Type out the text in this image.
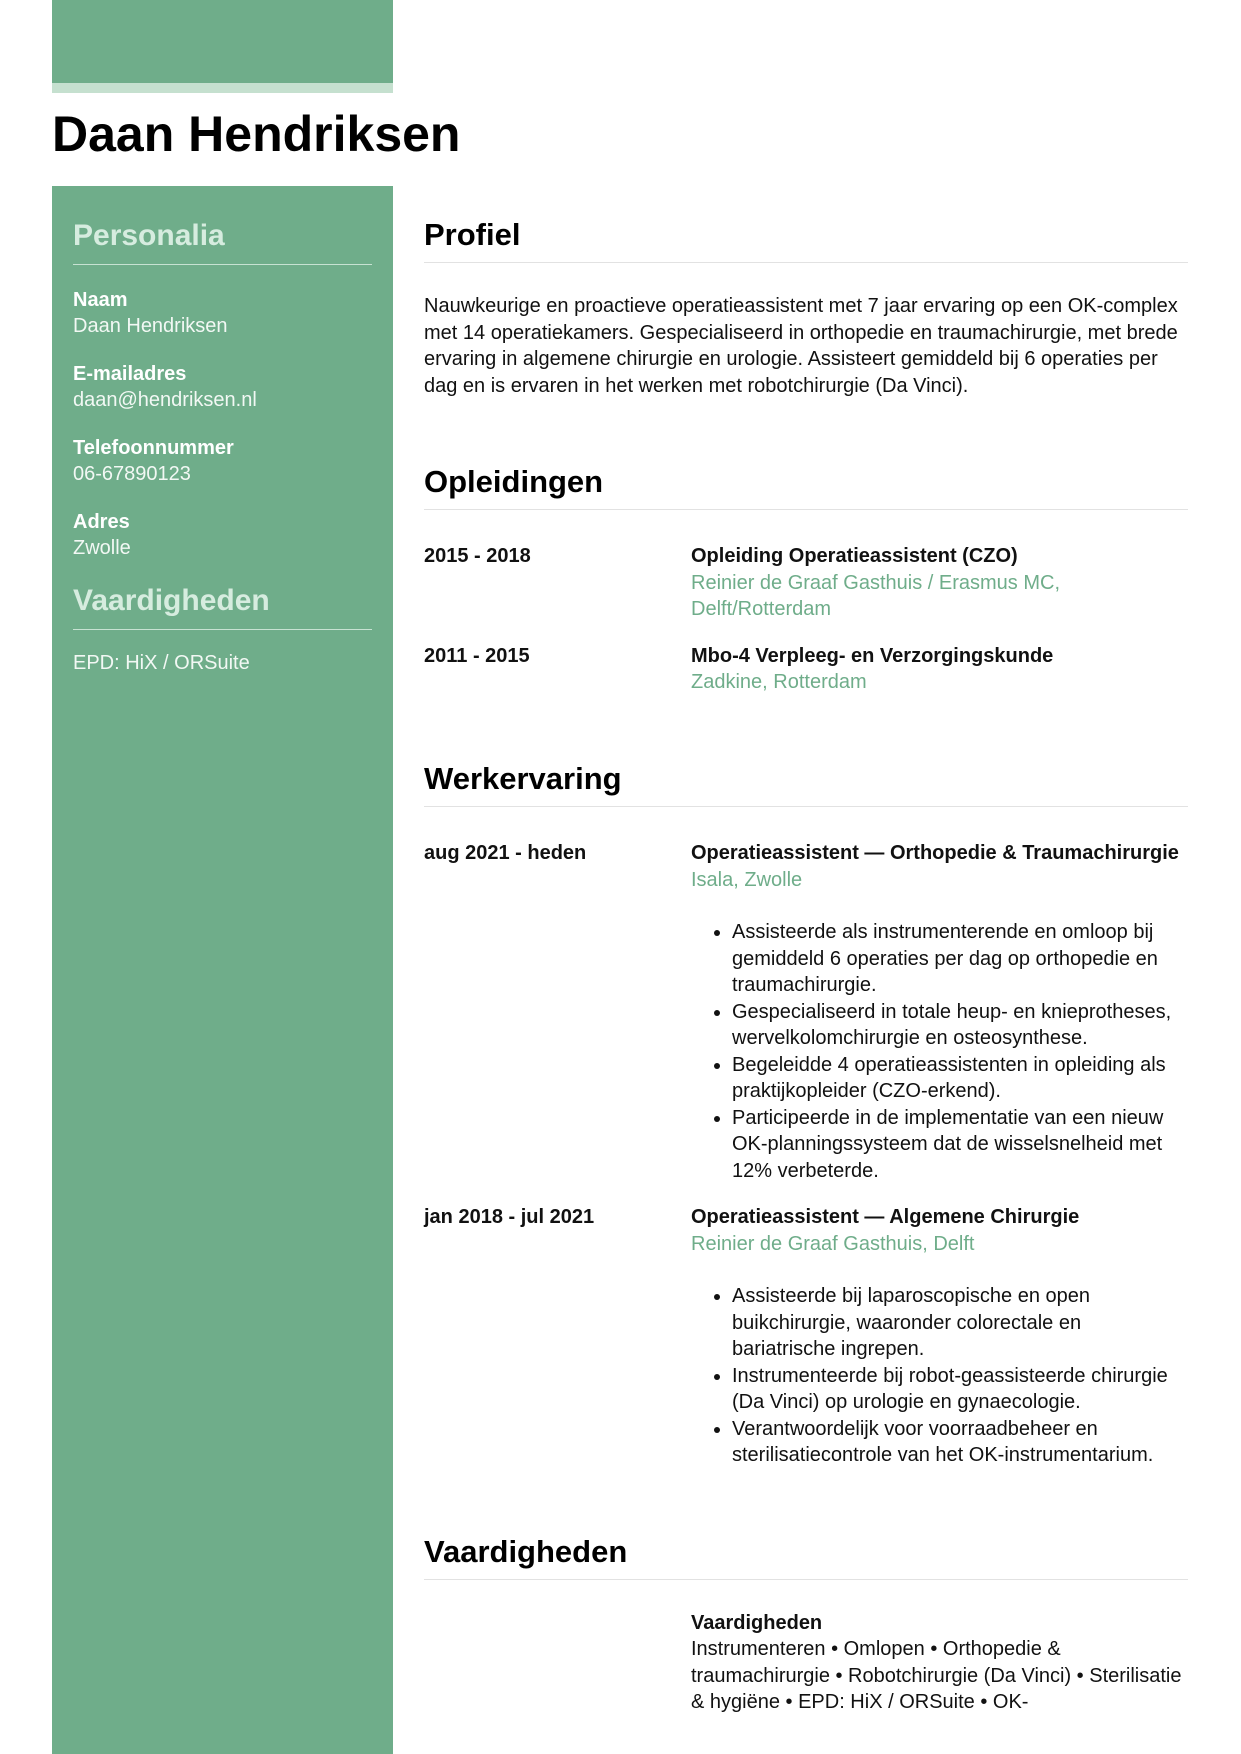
Daan Hendriksen
Personalia
Naam
Daan Hendriksen
E-mailadres
daan@hendriksen.nl
Telefoonnummer
06-67890123
Adres
Zwolle
Vaardigheden
EPD: HiX / ORSuite
Profiel

Nauwkeurige en proactieve operatieassistent met 7 jaar ervaring op een OK-complex met 14 operatiekamers. Gespecialiseerd in orthopedie en traumachirurgie, met brede ervaring in algemene chirurgie en urologie. Assisteert gemiddeld bij 6 operaties per dag en is ervaren in het werken met robotchirurgie (Da Vinci).

Opleidingen
2015 - 2018	Opleiding Operatieassistent (CZO)
Reinier de Graaf Gasthuis / Erasmus MC, Delft/Rotterdam
2011 - 2015	Mbo-4 Verpleeg- en Verzorgingskunde
Zadkine, Rotterdam
Werkervaring
aug 2021 - heden	Operatieassistent — Orthopedie & Traumachirurgie
Isala, Zwolle
• Assisteerde als instrumenterende en omloop bij gemiddeld 6 operaties per dag op orthopedie en traumachirurgie.
• Gespecialiseerd in totale heup- en knieprotheses, wervelkolomchirurgie en osteosynthese.
• Begeleidde 4 operatieassistenten in opleiding als praktijkopleider (CZO-erkend).
• Participeerde in de implementatie van een nieuw OK-planningssysteem dat de wisselsnelheid met 12% verbeterde.
jan 2018 - jul 2021	Operatieassistent — Algemene Chirurgie
Reinier de Graaf Gasthuis, Delft
• Assisteerde bij laparoscopische en open buikchirurgie, waaronder colorectale en bariatrische ingrepen.
• Instrumenteerde bij robot-geassisteerde chirurgie (Da Vinci) op urologie en gynaecologie.
• Verantwoordelijk voor voorraadbeheer en sterilisatiecontrole van het OK-instrumentarium.
Vaardigheden
Vaardigheden
Instrumenteren • Omlopen • Orthopedie & traumachirurgie • Robotchirurgie (Da Vinci) • Sterilisatie & hygiëne • EPD: HiX / ORSuite • OK-
